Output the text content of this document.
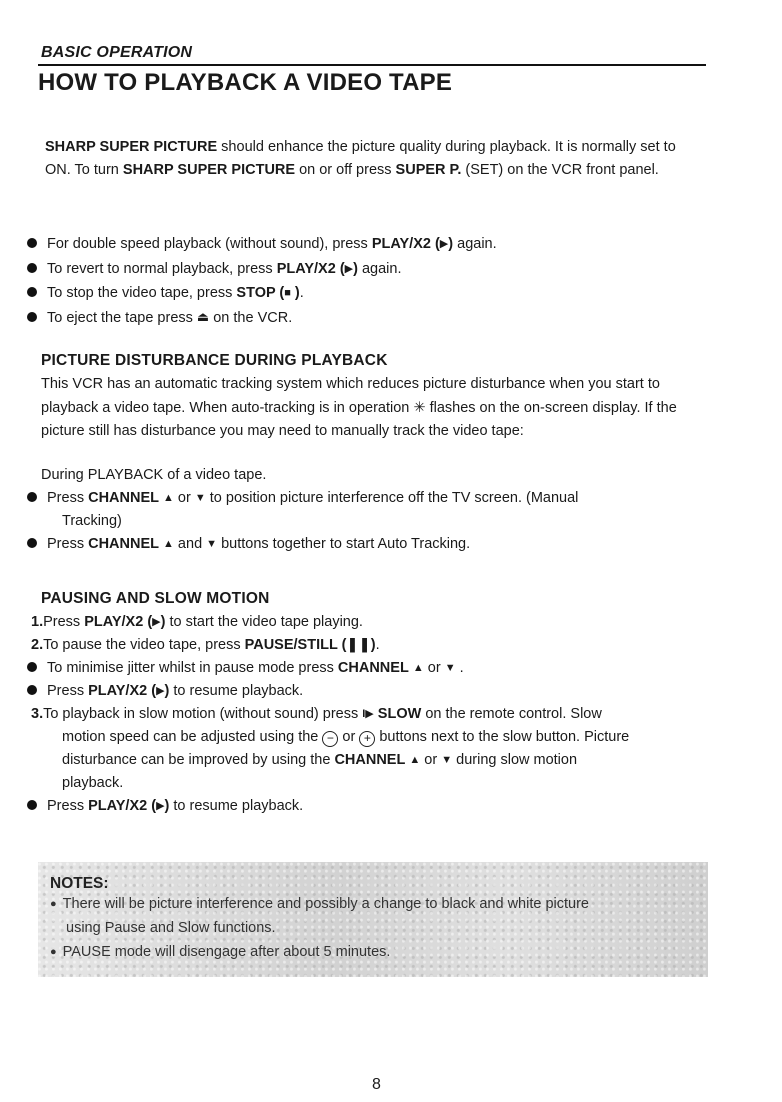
BASIC OPERATION
HOW TO PLAYBACK A VIDEO TAPE
SHARP SUPER PICTURE should enhance the picture quality during playback. It is normally set to ON. To turn SHARP SUPER PICTURE on or off press SUPER P. (SET) on the VCR front panel.
For double speed playback (without sound), press PLAY/X2 (▶) again.
To revert to normal playback, press PLAY/X2 (▶) again.
To stop the video tape, press STOP (■ ).
To eject the tape press ⏏ on the VCR.
PICTURE DISTURBANCE DURING PLAYBACK
This VCR has an automatic tracking system which reduces picture disturbance when you start to playback a video tape. When auto-tracking is in operation ✳ flashes on the on-screen display. If the picture still has disturbance you may need to manually track the video tape:
During PLAYBACK of a video tape.
Press CHANNEL ▲ or ▼ to position picture interference off the TV screen. (Manual
Tracking)
Press CHANNEL ▲ and ▼ buttons together to start Auto Tracking.
PAUSING AND SLOW MOTION
1.Press PLAY/X2 (▶) to start the video tape playing.
2.To pause the video tape, press PAUSE/STILL (❚❚).
To minimise jitter whilst in pause mode press CHANNEL ▲ or ▼ .
Press PLAY/X2 (▶) to resume playback.
3.To playback in slow motion (without sound) press I▶ SLOW on the remote control. Slow
motion speed can be adjusted using the − or + buttons next to the slow button. Picture
disturbance can be improved by using the CHANNEL ▲ or ▼ during slow motion
playback.
Press PLAY/X2 (▶) to resume playback.
NOTES:
● There will be picture interference and possibly a change to black and white picture
using Pause and Slow functions.
● PAUSE mode will disengage after about 5 minutes.
8
